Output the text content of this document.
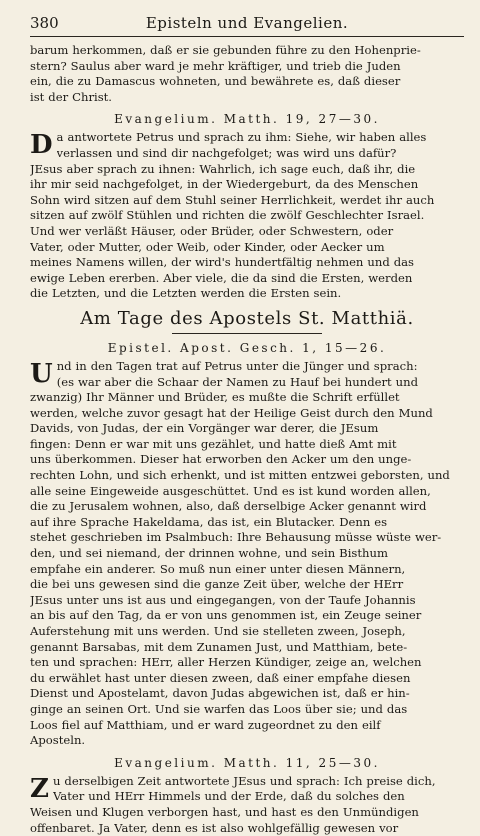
380	Episteln und Evangelien.

barum herkommen, daß er sie gebunden führe zu den Hohenprie-
stern? Saulus aber ward je mehr kräftiger, und trieb die Juden
ein, die zu Damascus wohneten, und bewährete es, daß dieser
ist der Christ.

Evangelium. Matth. 19, 27—30.

D a antwortete Petrus und sprach zu ihm: Siehe, wir haben alles
verlassen und sind dir nachgefolget; was wird uns dafür?
JEsus aber sprach zu ihnen: Wahrlich, ich sage euch, daß ihr, die
ihr mir seid nachgefolget, in der Wiedergeburt, da des Menschen
Sohn wird sitzen auf dem Stuhl seiner Herrlichkeit, werdet ihr auch
sitzen auf zwölf Stühlen und richten die zwölf Geschlechter Israel.
Und wer verläßt Häuser, oder Brüder, oder Schwestern, oder
Vater, oder Mutter, oder Weib, oder Kinder, oder Aecker um
meines Namens willen, der wird's hundertfältig nehmen und das
ewige Leben ererben. Aber viele, die da sind die Ersten, werden
die Letzten, und die Letzten werden die Ersten sein.

Am Tage des Apostels St. Matthiä.
Epistel. Apost. Gesch. 1, 15—26.

U nd in den Tagen trat auf Petrus unter die Jünger und sprach:
(es war aber die Schaar der Namen zu Hauf bei hundert und
zwanzig) Ihr Männer und Brüder, es mußte die Schrift erfüllet
werden, welche zuvor gesagt hat der Heilige Geist durch den Mund
Davids, von Judas, der ein Vorgänger war derer, die JEsum
fingen: Denn er war mit uns gezählet, und hatte dieß Amt mit
uns überkommen. Dieser hat erworben den Acker um den unge-
rechten Lohn, und sich erhenkt, und ist mitten entzwei geborsten, und
alle seine Eingeweide ausgeschüttet. Und es ist kund worden allen,
die zu Jerusalem wohnen, also, daß derselbige Acker genannt wird
auf ihre Sprache Hakeldama, das ist, ein Blutacker. Denn es
stehet geschrieben im Psalmbuch: Ihre Behausung müsse wüste wer-
den, und sei niemand, der drinnen wohne, und sein Bisthum
empfahe ein anderer. So muß nun einer unter diesen Männern,
die bei uns gewesen sind die ganze Zeit über, welche der HErr
JEsus unter uns ist aus und eingegangen, von der Taufe Johannis
an bis auf den Tag, da er von uns genommen ist, ein Zeuge seiner
Auferstehung mit uns werden. Und sie stelleten zween, Joseph,
genannt Barsabas, mit dem Zunamen Just, und Matthiam, bete-
ten und sprachen: HErr, aller Herzen Kündiger, zeige an, welchen
du erwählet hast unter diesen zween, daß einer empfahe diesen
Dienst und Apostelamt, davon Judas abgewichen ist, daß er hin-
ginge an seinen Ort. Und sie warfen das Loos über sie; und das
Loos fiel auf Matthiam, und er ward zugeordnet zu den eilf
Aposteln.

Evangelium. Matth. 11, 25—30.

Z u derselbigen Zeit antwortete JEsus und sprach: Ich preise dich,
Vater und HErr Himmels und der Erde, daß du solches den
Weisen und Klugen verborgen hast, und hast es den Unmündigen
offenbaret. Ja Vater, denn es ist also wohlgefällig gewesen vor
